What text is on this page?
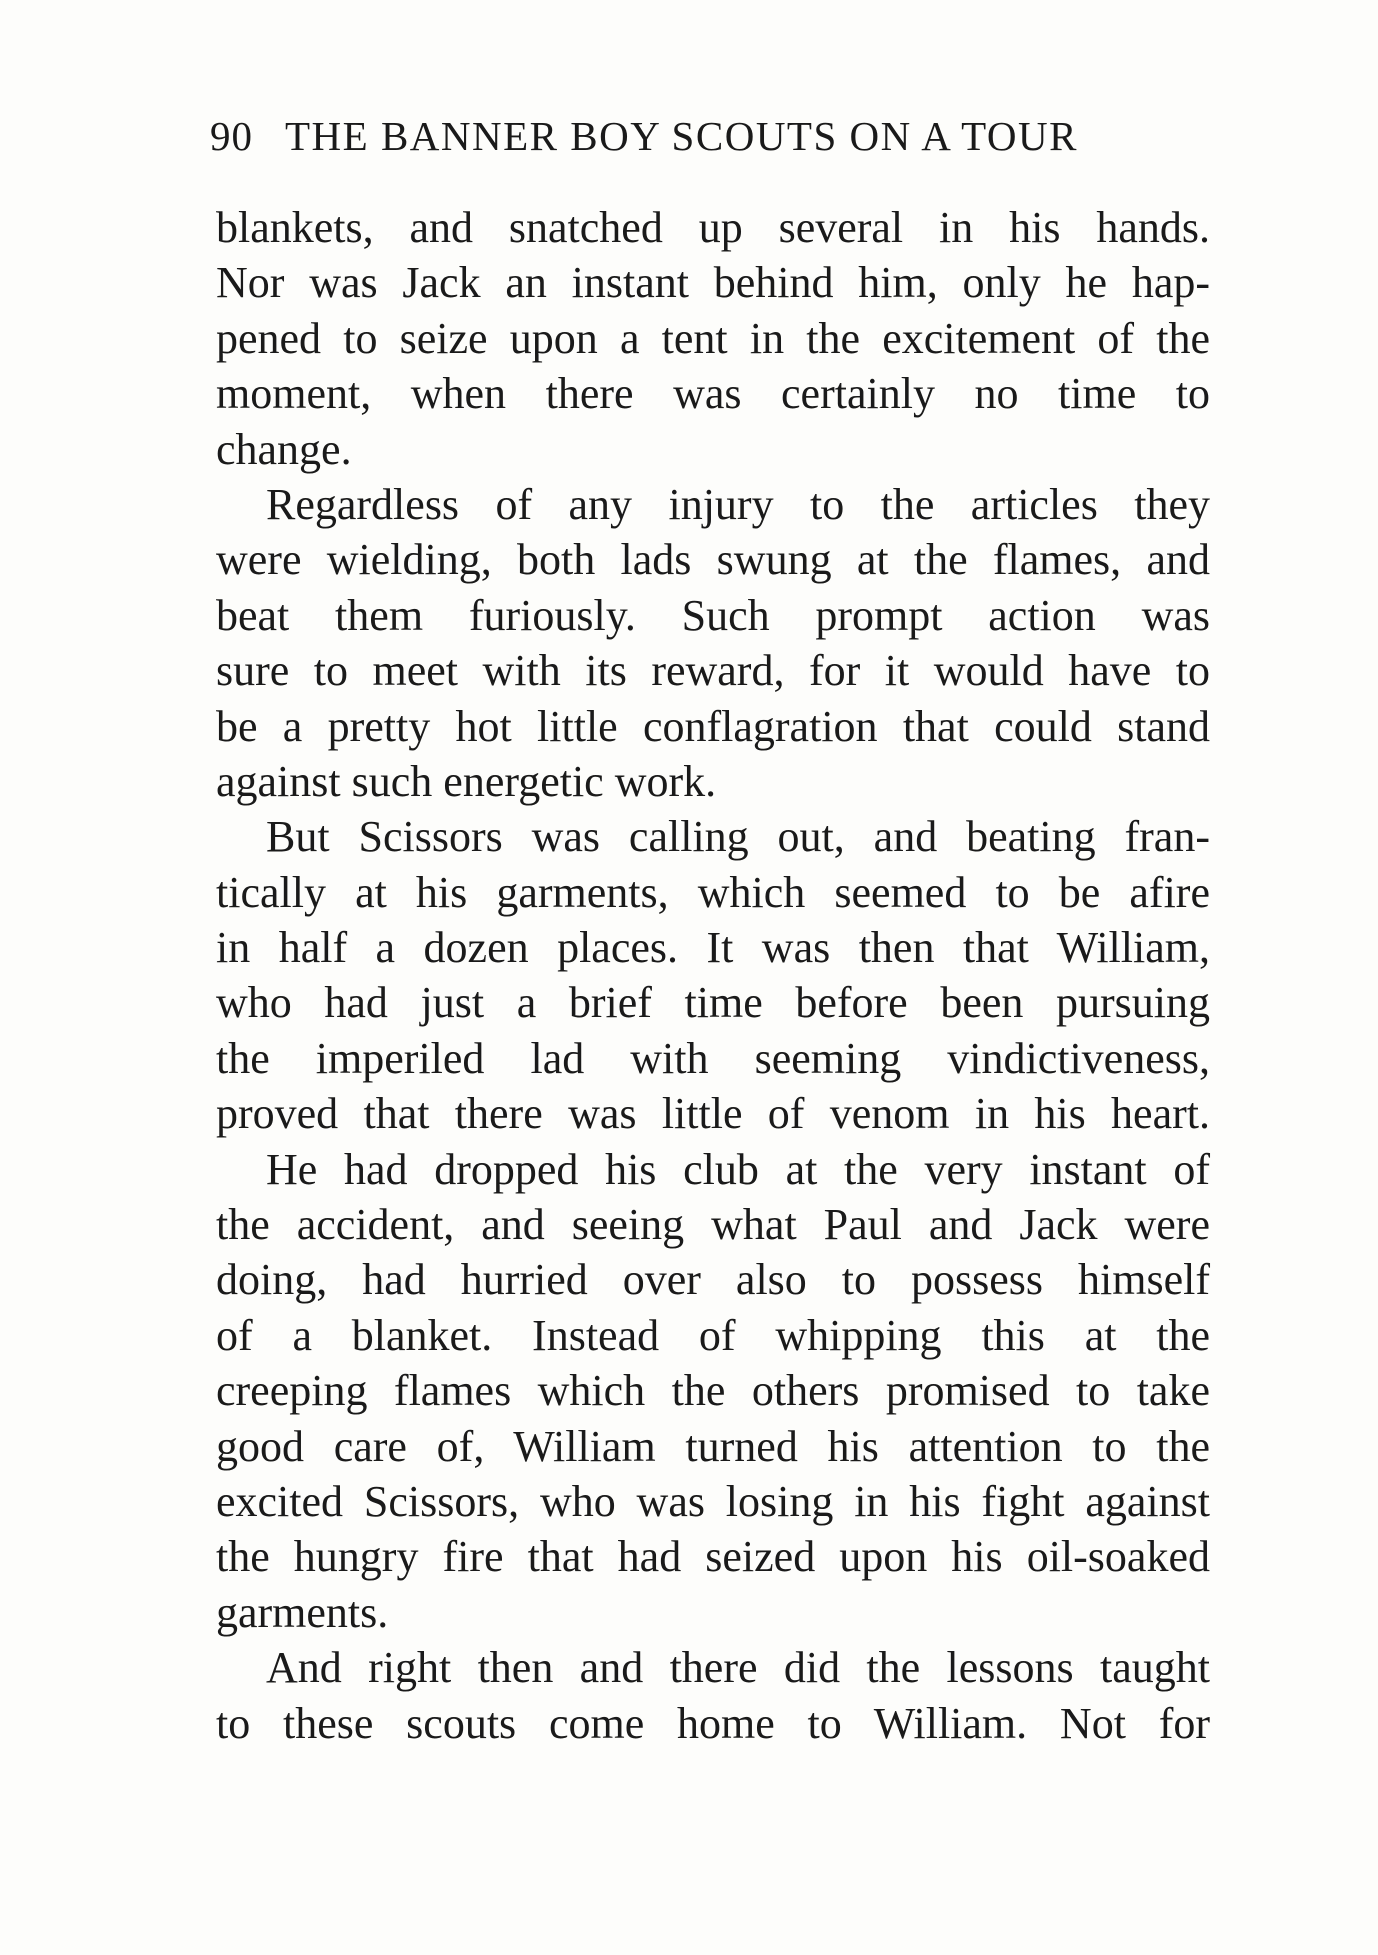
90 THE BANNER BOY SCOUTS ON A TOUR
blankets, and snatched up several in his hands.
Nor was Jack an instant behind him, only he hap-
pened to seize upon a tent in the excitement of the
moment, when there was certainly no time to
change.
Regardless of any injury to the articles they
were wielding, both lads swung at the flames, and
beat them furiously. Such prompt action was
sure to meet with its reward, for it would have to
be a pretty hot little conflagration that could stand
against such energetic work.
But Scissors was calling out, and beating fran-
tically at his garments, which seemed to be afire
in half a dozen places. It was then that William,
who had just a brief time before been pursuing
the imperiled lad with seeming vindictiveness,
proved that there was little of venom in his heart.
He had dropped his club at the very instant of
the accident, and seeing what Paul and Jack were
doing, had hurried over also to possess himself
of a blanket. Instead of whipping this at the
creeping flames which the others promised to take
good care of, William turned his attention to the
excited Scissors, who was losing in his fight against
the hungry fire that had seized upon his oil-soaked
garments.
And right then and there did the lessons taught
to these scouts come home to William. Not for
